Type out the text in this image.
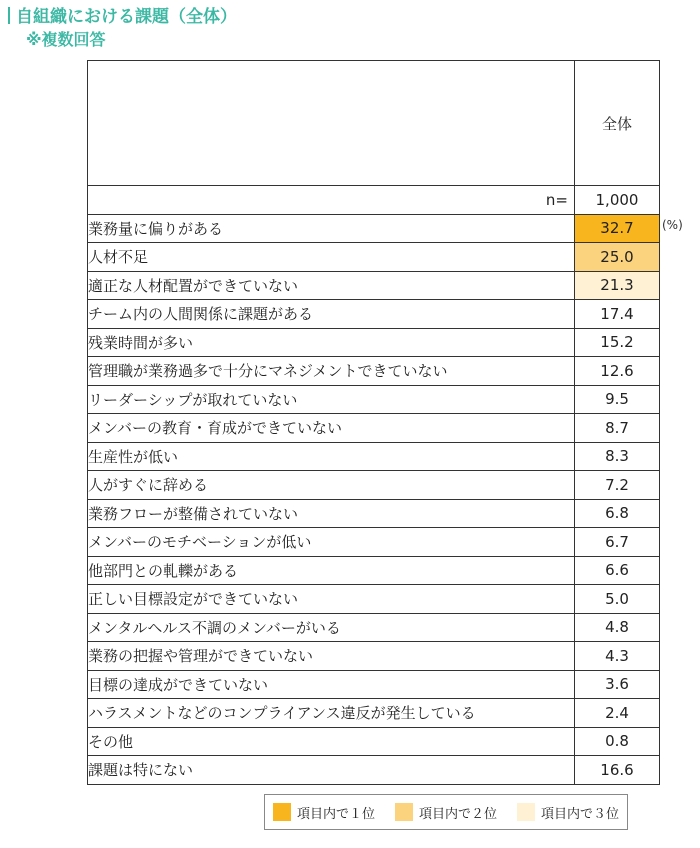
自組織における課題（全体）
※複数回答
	全体
n=	1,000
業務量に偏りがある	32.7
人材不足	25.0
適正な人材配置ができていない	21.3
チーム内の人間関係に課題がある	17.4
残業時間が多い	15.2
管理職が業務過多で十分にマネジメントできていない	12.6
リーダーシップが取れていない	9.5
メンバーの教育・育成ができていない	8.7
生産性が低い	8.3
人がすぐに辞める	7.2
業務フローが整備されていない	6.8
メンバーのモチベーションが低い	6.7
他部門との軋轢がある	6.6
正しい目標設定ができていない	5.0
メンタルヘルス不調のメンバーがいる	4.8
業務の把握や管理ができていない	4.3
目標の達成ができていない	3.6
ハラスメントなどのコンプライアンス違反が発生している	2.4
その他	0.8
課題は特にない	16.6
(%)
項目内で１位	項目内で２位	項目内で３位
